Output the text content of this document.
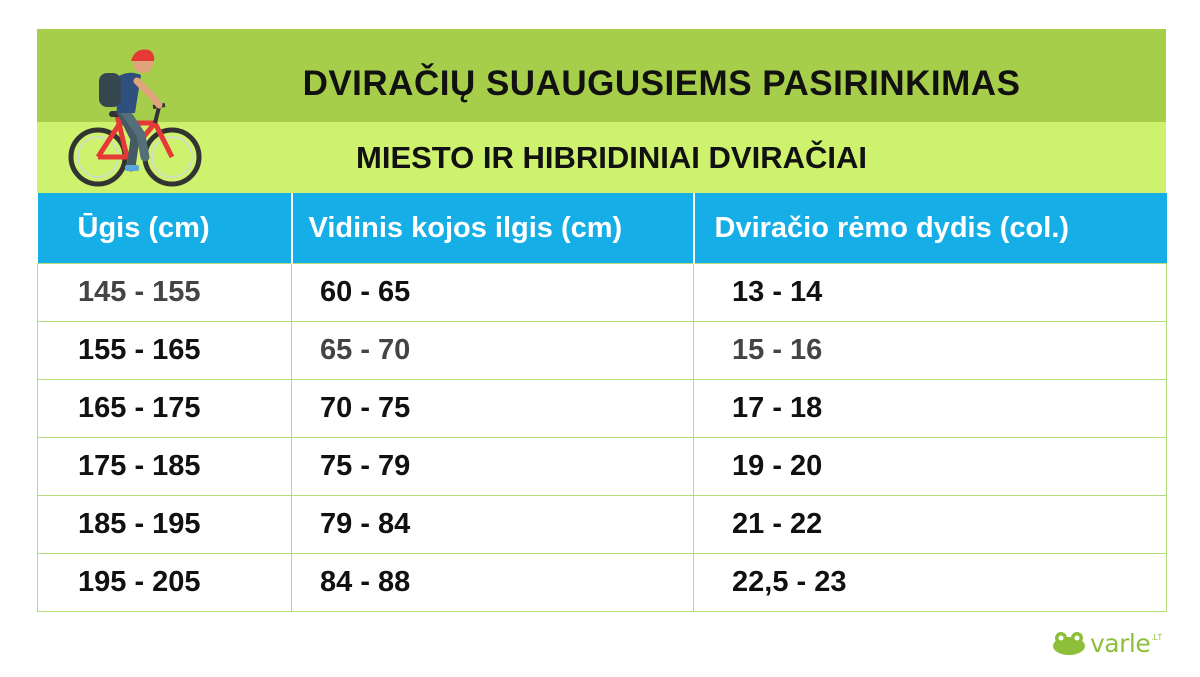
DVIRAČIŲ SUAUGUSIEMS PASIRINKIMAS
MIESTO IR HIBRIDINIAI DVIRAČIAI
Ūgis (cm)	Vidinis kojos ilgis (cm)	Dviračio rėmo dydis (col.)
145 - 155	60 - 65	13 - 14
155 - 165	65 - 70	15 - 16
165 - 175	70 - 75	17 - 18
175 - 185	75 - 79	19 - 20
185 - 195	79 - 84	21 - 22
195 - 205	84 - 88	22,5 - 23
varle .LT
